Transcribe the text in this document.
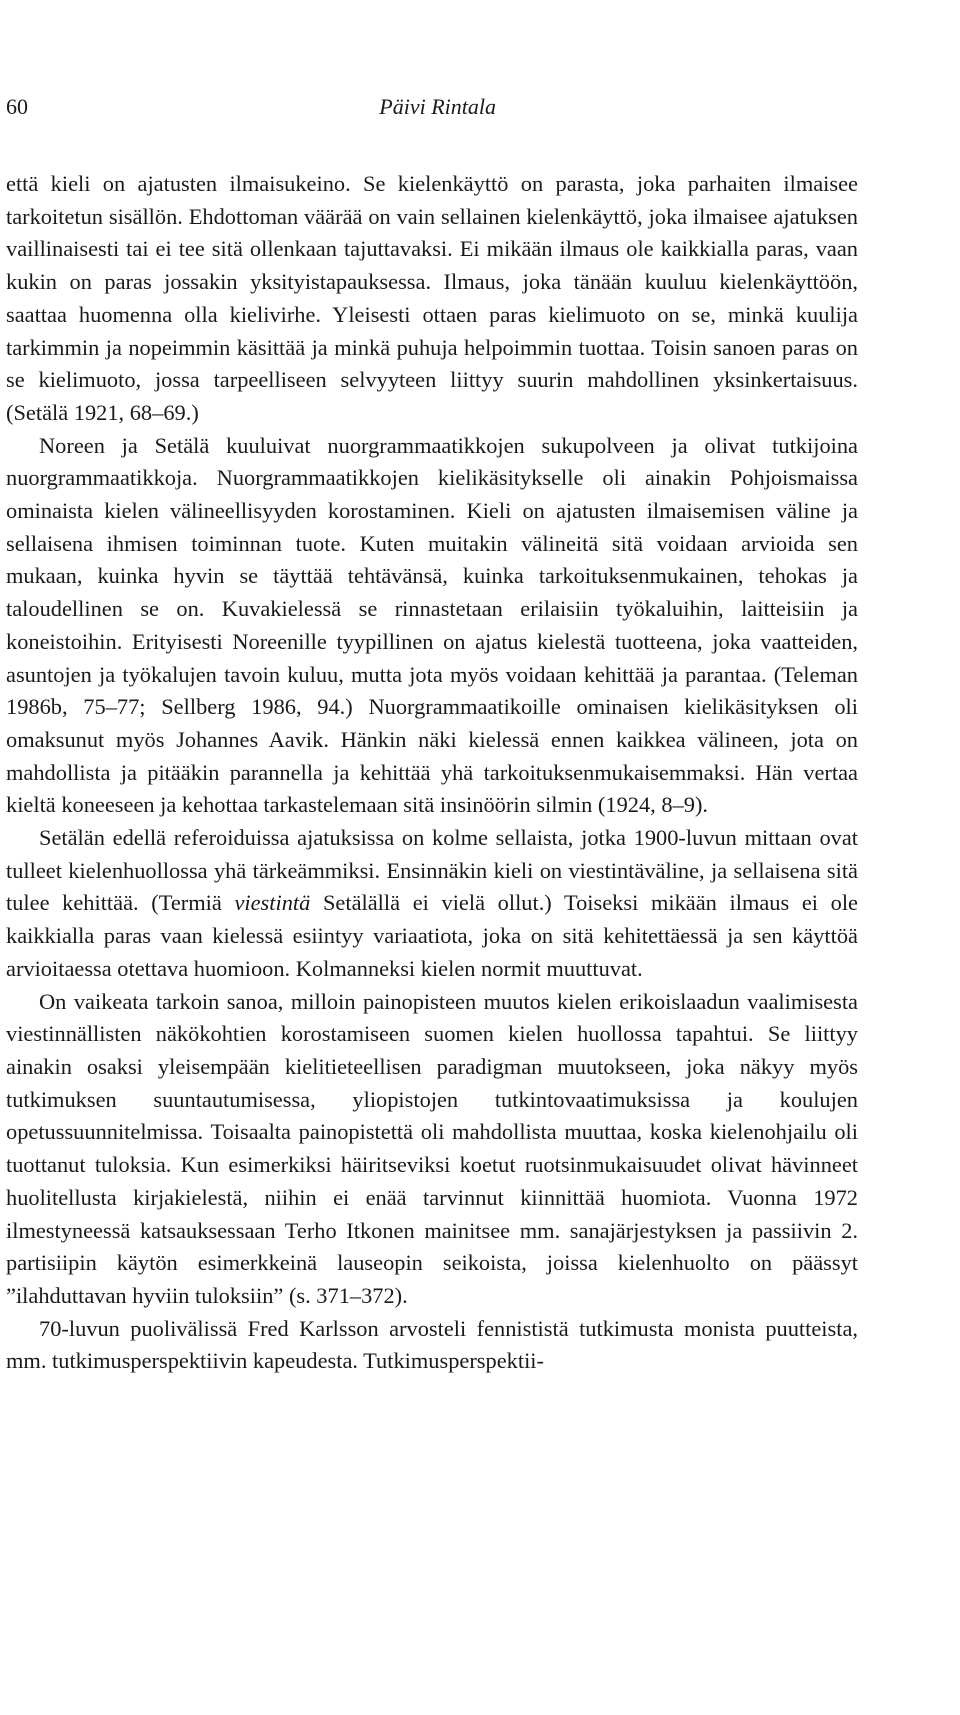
60	Päivi Rintala

että kieli on ajatusten ilmaisukeino. Se kielenkäyttö on parasta, joka parhaiten ilmaisee tarkoitetun sisällön. Ehdottoman väärää on vain sellainen kielenkäyttö, joka ilmaisee ajatuksen vaillinaisesti tai ei tee sitä ollenkaan tajuttavaksi. Ei mikään ilmaus ole kaikkialla paras, vaan kukin on paras jossakin yksityistapauksessa. Ilmaus, joka tänään kuuluu kielenkäyttöön, saattaa huomenna olla kielivirhe. Yleisesti ottaen paras kielimuoto on se, minkä kuulija tarkimmin ja nopeimmin käsittää ja minkä puhuja helpoimmin tuottaa. Toisin sanoen paras on se kielimuoto, jossa tarpeelliseen selvyyteen liittyy suurin mahdollinen yksinkertaisuus. (Setälä 1921, 68–69.)

Noreen ja Setälä kuuluivat nuorgrammaatikkojen sukupolveen ja olivat tutkijoina nuorgrammaatikkoja. Nuorgrammaatikkojen kielikäsitykselle oli ainakin Pohjoismaissa ominaista kielen välineellisyyden korostaminen. Kieli on ajatusten ilmaisemisen väline ja sellaisena ihmisen toiminnan tuote. Kuten muitakin välineitä sitä voidaan arvioida sen mukaan, kuinka hyvin se täyttää tehtävänsä, kuinka tarkoituksenmukainen, tehokas ja taloudellinen se on. Kuvakielessä se rinnastetaan erilaisiin työkaluihin, laitteisiin ja koneistoihin. Erityisesti Noreenille tyypillinen on ajatus kielestä tuotteena, joka vaatteiden, asuntojen ja työkalujen tavoin kuluu, mutta jota myös voidaan kehittää ja parantaa. (Teleman 1986b, 75–77; Sellberg 1986, 94.) Nuorgrammaatikoille ominaisen kielikäsityksen oli omaksunut myös Johannes Aavik. Hänkin näki kielessä ennen kaikkea välineen, jota on mahdollista ja pitääkin parannella ja kehittää yhä tarkoituksenmukaisemmaksi. Hän vertaa kieltä koneeseen ja kehottaa tarkastelemaan sitä insinöörin silmin (1924, 8–9).

Setälän edellä referoiduissa ajatuksissa on kolme sellaista, jotka 1900-luvun mittaan ovat tulleet kielenhuollossa yhä tärkeämmiksi. Ensinnäkin kieli on viestintäväline, ja sellaisena sitä tulee kehittää. (Termiä viestintä Setälällä ei vielä ollut.) Toiseksi mikään ilmaus ei ole kaikkialla paras vaan kielessä esiintyy variaatiota, joka on sitä kehitettäessä ja sen käyttöä arvioitaessa otettava huomioon. Kolmanneksi kielen normit muuttuvat.

On vaikeata tarkoin sanoa, milloin painopisteen muutos kielen erikoislaadun vaalimisesta viestinnällisten näkökohtien korostamiseen suomen kielen huollossa tapahtui. Se liittyy ainakin osaksi yleisempään kielitieteellisen paradigman muutokseen, joka näkyy myös tutkimuksen suuntautumisessa, yliopistojen tutkintovaatimuksissa ja koulujen opetussuunnitelmissa. Toisaalta painopistettä oli mahdollista muuttaa, koska kielenohjailu oli tuottanut tuloksia. Kun esimerkiksi häiritseviksi koetut ruotsinmukaisuudet olivat hävinneet huolitellusta kirjakielestä, niihin ei enää tarvinnut kiinnittää huomiota. Vuonna 1972 ilmestyneessä katsauksessaan Terho Itkonen mainitsee mm. sanajärjestyksen ja passiivin 2. partisiipin käytön esimerkkeinä lauseopin seikoista, joissa kielenhuolto on päässyt ”ilahduttavan hyviin tuloksiin” (s. 371–372).

70-luvun puolivälissä Fred Karlsson arvosteli fennististä tutkimusta monista puutteista, mm. tutkimusperspektiivin kapeudesta. Tutkimusperspektii-
